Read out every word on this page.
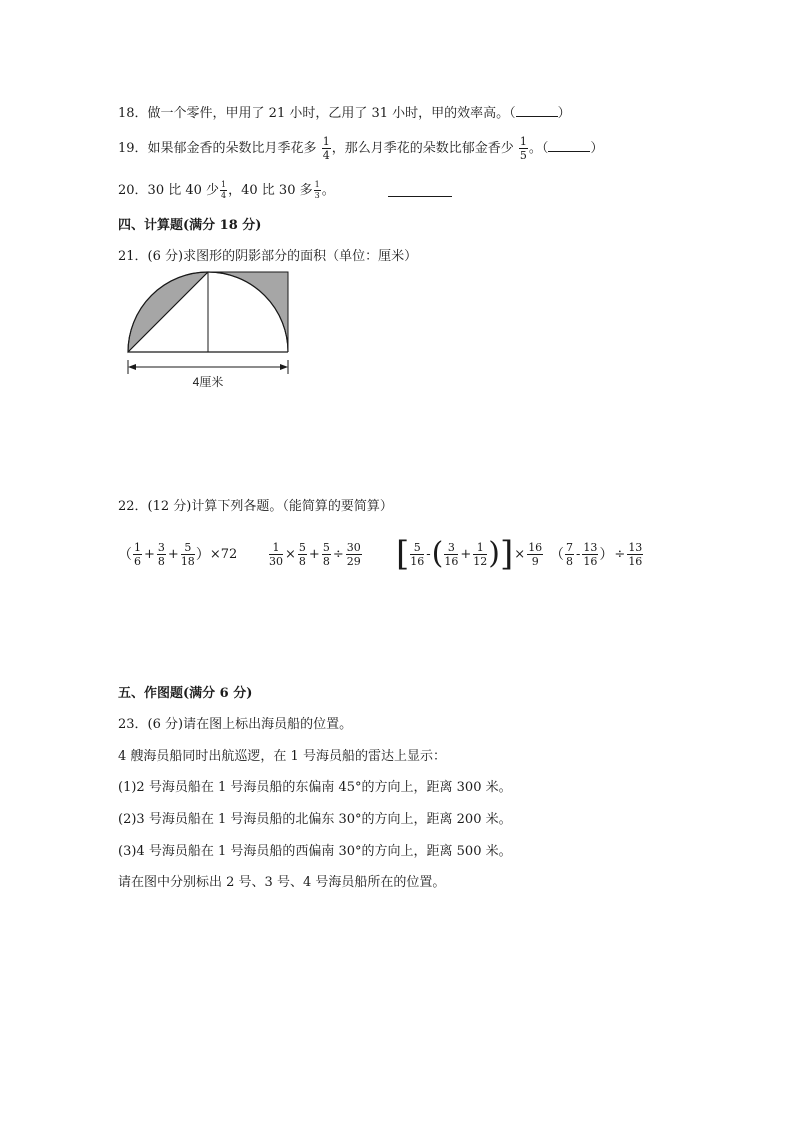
18．做一个零件，甲用了 21 小时，乙用了 31 小时，甲的效率高。（	）
19．如果郁金香的朵数比月季花多 $\frac{1}{4}$ ，那么月季花的朵数比郁金香少 $\frac{1}{5}$ 。（	）
20．30 比 40 少 $\frac{1}{4}$ ，40 比 30 多 $\frac{1}{3}$ 。
四、计算题(满分 18 分)
21．(6 分)求图形的阴影部分的面积（单位：厘米）
4厘米
22．(12 分)计算下列各题。（能简算的要简算）
（ $\frac{1}{6} + \frac{3}{8} + \frac{5}{18}$ ） ×72	$\frac{1}{30} \times \frac{5}{8} + \frac{5}{8} \div \frac{30}{29}$ [ $\frac{5}{16}$ - ( $\frac{3}{16} + \frac{1}{12}$ ) ] × $\frac{16}{9}$ （ $\frac{7}{8} - \frac{13}{16}$ ） ÷ $\frac{13}{16}$
五、作图题(满分 6 分)
23．(6 分)请在图上标出海员船的位置。
4 艘海员船同时出航巡逻，在 1 号海员船的雷达上显示：
(1)2 号海员船在 1 号海员船的东偏南 45°的方向上，距离 300 米。
(2)3 号海员船在 1 号海员船的北偏东 30°的方向上，距离 200 米。
(3)4 号海员船在 1 号海员船的西偏南 30°的方向上，距离 500 米。
请在图中分别标出 2 号、3 号、4 号海员船所在的位置。
